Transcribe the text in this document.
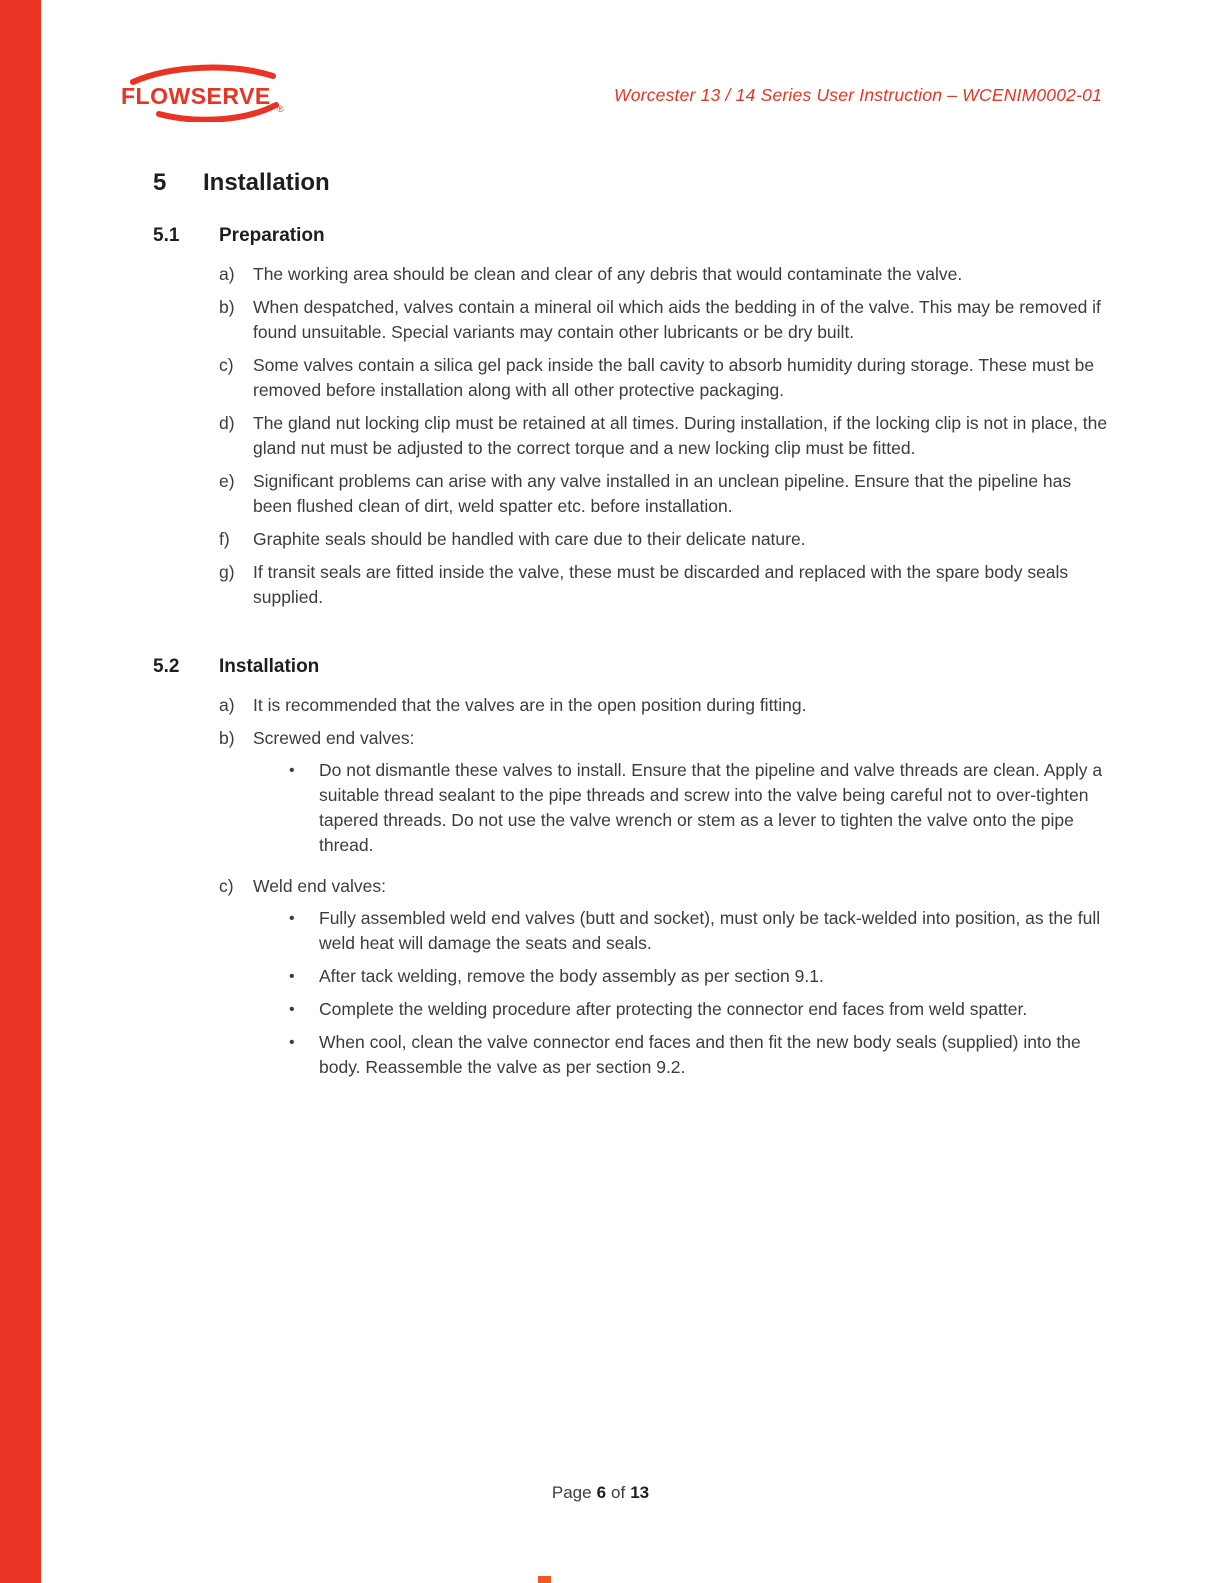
FLOWSERVE ®
Worcester 13 / 14 Series User Instruction – WCENIM0002-01
5	Installation
5.1	Preparation
a)	The working area should be clean and clear of any debris that would contaminate the valve.
b)	When despatched, valves contain a mineral oil which aids the bedding in of the valve. This may be removed if found unsuitable. Special variants may contain other lubricants or be dry built.
c)	Some valves contain a silica gel pack inside the ball cavity to absorb humidity during storage. These must be removed before installation along with all other protective packaging.
d)	The gland nut locking clip must be retained at all times. During installation, if the locking clip is not in place, the gland nut must be adjusted to the correct torque and a new locking clip must be fitted.
e)	Significant problems can arise with any valve installed in an unclean pipeline. Ensure that the pipeline has been flushed clean of dirt, weld spatter etc. before installation.
f)	Graphite seals should be handled with care due to their delicate nature.
g)	If transit seals are fitted inside the valve, these must be discarded and replaced with the spare body seals supplied.
5.2	Installation
a)	It is recommended that the valves are in the open position during fitting.
b)	Screwed end valves:
•	Do not dismantle these valves to install. Ensure that the pipeline and valve threads are clean. Apply a suitable thread sealant to the pipe threads and screw into the valve being careful not to over-tighten tapered threads. Do not use the valve wrench or stem as a lever to tighten the valve onto the pipe thread.
c)	Weld end valves:
•	Fully assembled weld end valves (butt and socket), must only be tack-welded into position, as the full weld heat will damage the seats and seals.
•	After tack welding, remove the body assembly as per section 9.1.
•	Complete the welding procedure after protecting the connector end faces from weld spatter.
•	When cool, clean the valve connector end faces and then fit the new body seals (supplied) into the body. Reassemble the valve as per section 9.2.
Page 6 of 13
